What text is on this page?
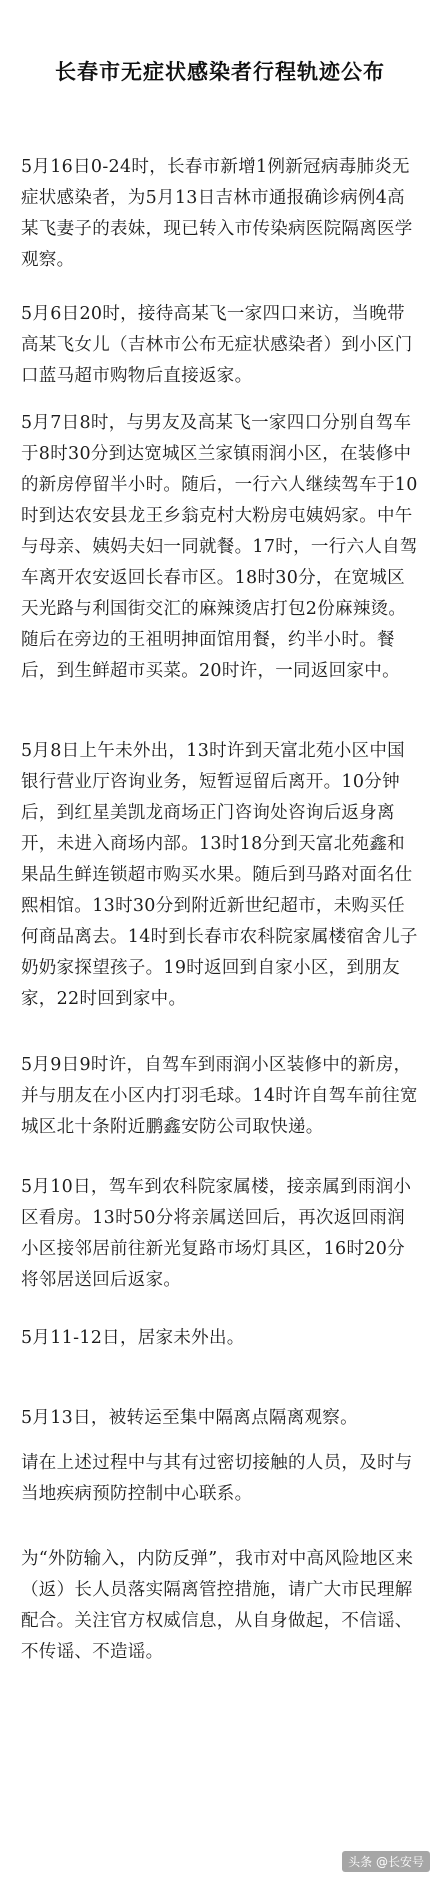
长春市无症状感染者行程轨迹公布

5月16日0-24时，长春市新增1例新冠病毒肺炎无症状感染者，为5月13日吉林市通报确诊病例4高某飞妻子的表妹，现已转入市传染病医院隔离医学观察。

5月6日20时，接待高某飞一家四口来访，当晚带高某飞女儿（吉林市公布无症状感染者）到小区门口蓝马超市购物后直接返家。

5月7日8时，与男友及高某飞一家四口分别自驾车于8时30分到达宽城区兰家镇雨润小区，在装修中的新房停留半小时。随后，一行六人继续驾车于10时到达农安县龙王乡翁克村大粉房屯姨妈家。中午与母亲、姨妈夫妇一同就餐。17时，一行六人自驾车离开农安返回长春市区。18时30分，在宽城区天光路与利国街交汇的麻辣烫店打包2份麻辣烫。随后在旁边的王祖明抻面馆用餐，约半小时。餐后，到生鲜超市买菜。20时许，一同返回家中。

5月8日上午未外出，13时许到天富北苑小区中国银行营业厅咨询业务，短暂逗留后离开。10分钟后，到红星美凯龙商场正门咨询处咨询后返身离开，未进入商场内部。13时18分到天富北苑鑫和果品生鲜连锁超市购买水果。随后到马路对面名仕熙相馆。13时30分到附近新世纪超市，未购买任何商品离去。14时到长春市农科院家属楼宿舍儿子奶奶家探望孩子。19时返回到自家小区，到朋友家，22时回到家中。

5月9日9时许，自驾车到雨润小区装修中的新房，并与朋友在小区内打羽毛球。14时许自驾车前往宽城区北十条附近鹏鑫安防公司取快递。

5月10日，驾车到农科院家属楼，接亲属到雨润小区看房。13时50分将亲属送回后，再次返回雨润小区接邻居前往新光复路市场灯具区，16时20分将邻居送回后返家。

5月11-12日，居家未外出。

5月13日，被转运至集中隔离点隔离观察。

请在上述过程中与其有过密切接触的人员，及时与当地疾病预防控制中心联系。

为“外防输入，内防反弹”，我市对中高风险地区来（返）长人员落实隔离管控措施，请广大市民理解配合。关注官方权威信息，从自身做起，不信谣、不传谣、不造谣。

头条 @长安号
